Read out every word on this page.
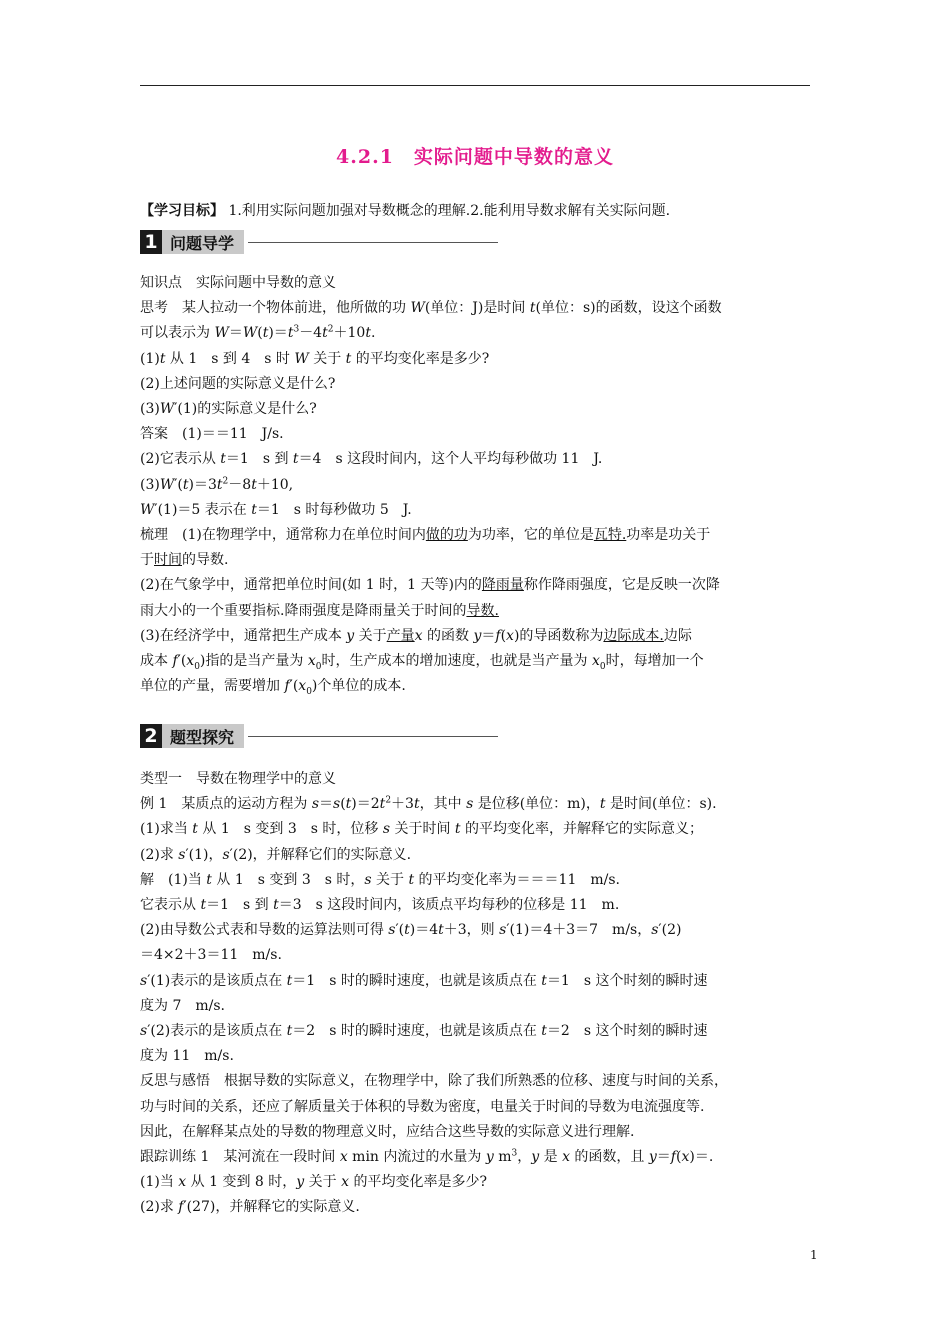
4.2.1　实际问题中导数的意义
【学习目标】 1.利用实际问题加强对导数概念的理解.2.能利用导数求解有关实际问题.
1 问题导学

知识点　实际问题中导数的意义

思考　某人拉动一个物体前进，他所做的功 W(单位：J)是时间 t(单位：s)的函数，设这个函数

可以表示为 $W=W(t)=t^3-4t^2+10t$.

(1)t 从 1　s 到 4　s 时 W 关于 t 的平均变化率是多少?

(2)上述问题的实际意义是什么?

(3)W′(1)的实际意义是什么?

答案　(1)＝＝11　J/s.

(2)它表示从 t＝1　s 到 t＝4　s 这段时间内，这个人平均每秒做功 11　J.

$(3)W'(t)=3t^2-8t+10$,

W′(1)＝5 表示在 t＝1　s 时每秒做功 5　J.

梳理　(1)在物理学中，通常称力在单位时间内做的功为功率，它的单位是瓦特.功率是功关于

于时间的导数.

(2)在气象学中，通常把单位时间(如 1 时，1 天等)内的降雨量称作降雨强度，它是反映一次降

雨大小的一个重要指标.降雨强度是降雨量关于时间的导数.

(3)在经济学中，通常把生产成本 y 关于产量x 的函数 y＝f(x)的导函数称为边际成本.边际

成本 $f'(x_0)$指的是当产量为 $x_0$时，生产成本的增加速度，也就是当产量为 $x_0$时，每增加一个

单位的产量，需要增加 $f'(x_0)$个单位的成本.

2 题型探究

类型一　导数在物理学中的意义

例 1　某质点的运动方程为 $s=s(t)=2t^2+3t$，其中 s 是位移(单位：m)，t 是时间(单位：s).

(1)求当 t 从 1　s 变到 3　s 时，位移 s 关于时间 t 的平均变化率，并解释它的实际意义；

(2)求 s′(1)，s′(2)，并解释它们的实际意义.

解　(1)当 t 从 1　s 变到 3　s 时，s 关于 t 的平均变化率为＝＝＝11　m/s.

它表示从 t＝1　s 到 t＝3　s 这段时间内，该质点平均每秒的位移是 11　m.

(2)由导数公式表和导数的运算法则可得 s′(t)＝4t＋3，则 s′(1)＝4＋3＝7　m/s，s′(2)

＝4×2＋3＝11　m/s.

s′(1)表示的是该质点在 t＝1　s 时的瞬时速度，也就是该质点在 t＝1　s 这个时刻的瞬时速

度为 7　m/s.

s′(2)表示的是该质点在 t＝2　s 时的瞬时速度，也就是该质点在 t＝2　s 这个时刻的瞬时速

度为 11　m/s.

反思与感悟　根据导数的实际意义，在物理学中，除了我们所熟悉的位移、速度与时间的关系，

功与时间的关系，还应了解质量关于体积的导数为密度，电量关于时间的导数为电流强度等.

因此，在解释某点处的导数的物理意义时，应结合这些导数的实际意义进行理解.

跟踪训练 1　某河流在一段时间 x min 内流过的水量为 y $m^3$，y 是 x 的函数，且 y＝f(x)＝.

(1)当 x 从 1 变到 8 时，y 关于 x 的平均变化率是多少?

(2)求 f′(27)，并解释它的实际意义.

1
